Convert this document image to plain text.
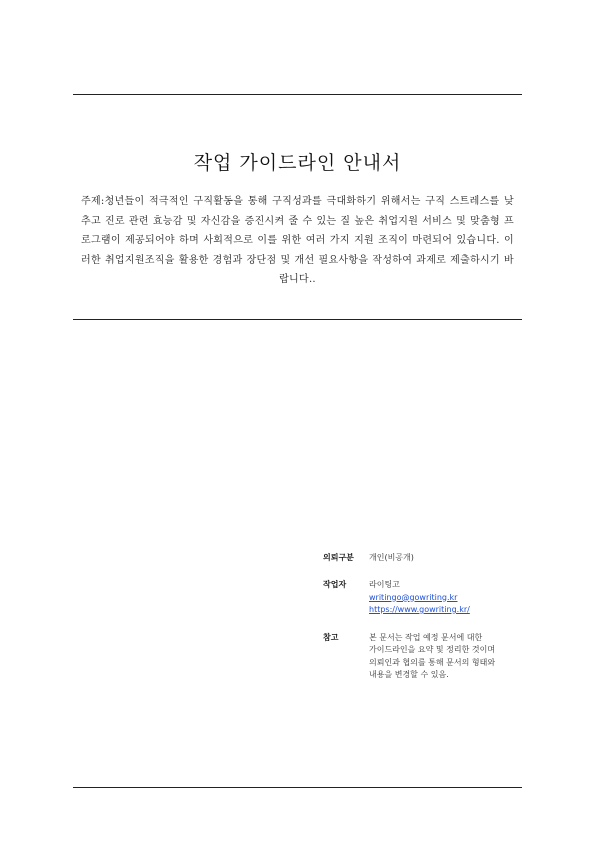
작업 가이드라인 안내서
주제:청년들이 적극적인 구직활동을 통해 구직성과를 극대화하기 위해서는 구직 스트레스를 낮추고 진로 관련 효능감 및 자신감을 증진시켜 줄 수 있는 질 높은 취업지원 서비스 및 맞춤형 프로그램이 제공되어야 하며 사회적으로 이를 위한 여러 가지 지원 조직이 마련되어 있습니다. 이러한 취업지원조직을 활용한 경험과 장단점 및 개선 필요사항을 작성하여 과제로 제출하시기 바랍니다..
의뢰구분	개인(비공개)
작업자	라이팅고
writingo@gowriting.kr
https://www.gowriting.kr/
참고	본 문서는 작업 예정 문서에 대한
가이드라인을 요약 및 정리한 것이며
의뢰인과 협의를 통해 문서의 형태와
내용을 변경할 수 있음.
